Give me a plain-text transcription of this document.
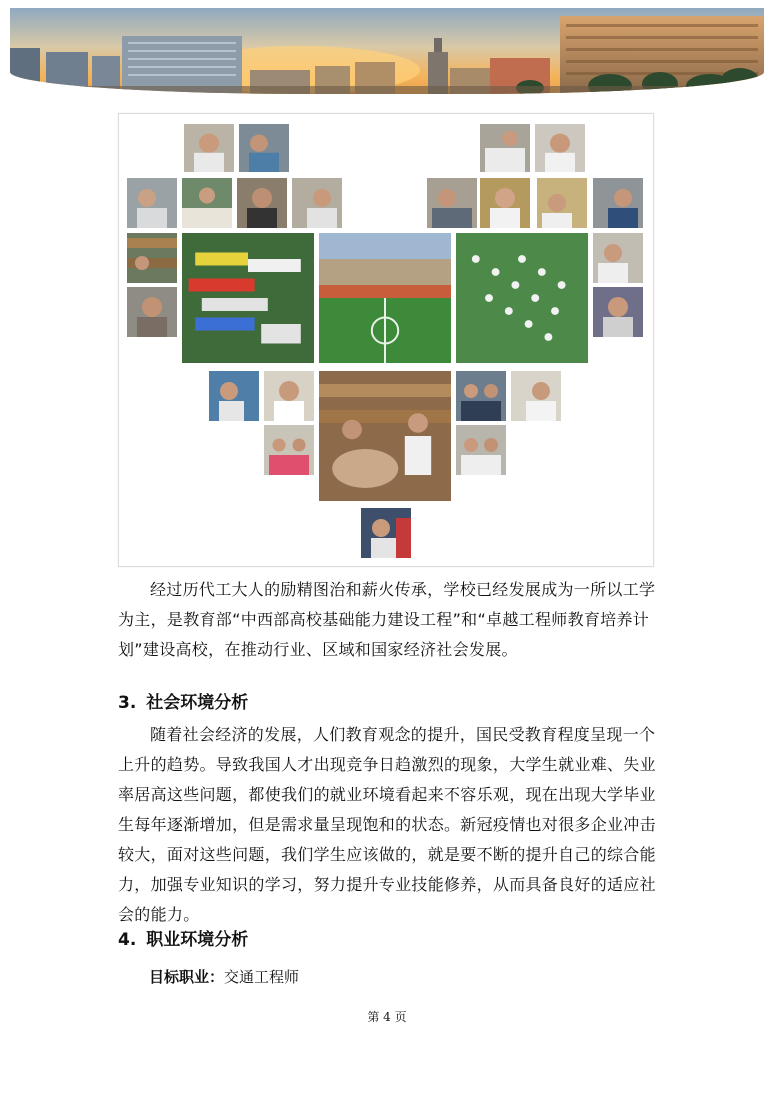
经过历代工大人的励精图治和薪火传承，学校已经发展成为一所以工学为主，是教育部“中西部高校基础能力建设工程”和“卓越工程师教育培养计划”建设高校，在推动行业、区域和国家经济社会发展。

3. 社会环境分析

随着社会经济的发展，人们教育观念的提升，国民受教育程度呈现一个上升的趋势。导致我国人才出现竞争日趋激烈的现象，大学生就业难、失业率居高这些问题，都使我们的就业环境看起来不容乐观，现在出现大学毕业生每年逐渐增加，但是需求量呈现饱和的状态。新冠疫情也对很多企业冲击较大，面对这些问题，我们学生应该做的，就是要不断的提升自己的综合能力，加强专业知识的学习，努力提升专业技能修养，从而具备良好的适应社会的能力。

4. 职业环境分析
目标职业：交通工程师
第 4 页
